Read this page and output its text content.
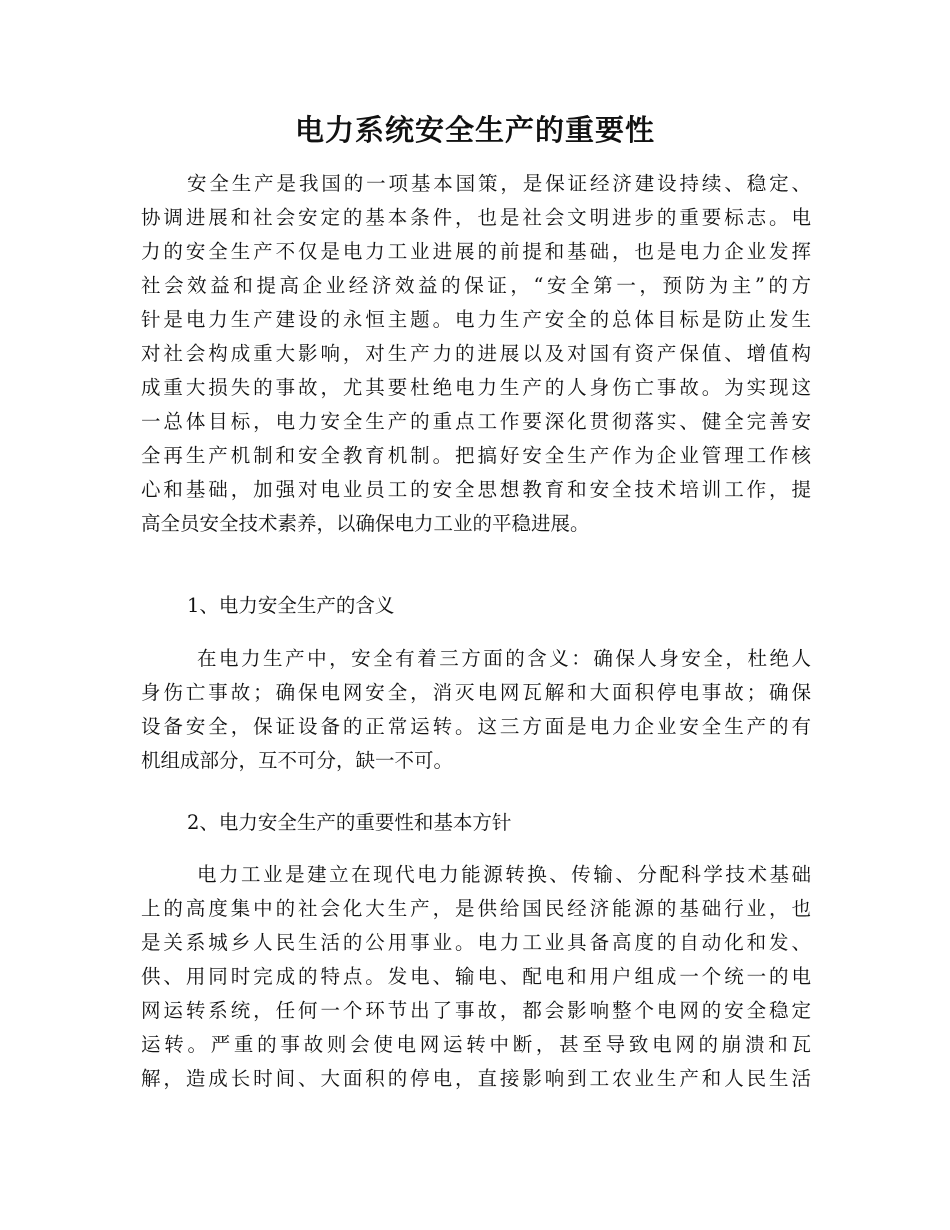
电力系统安全生产的重要性
安全生产是我国的一项基本国策，是保证经济建设持续、稳定、
协调进展和社会安定的基本条件，也是社会文明进步的重要标志。电
力的安全生产不仅是电力工业进展的前提和基础，也是电力企业发挥
社会效益和提高企业经济效益的保证，“安全第一，预防为主”的方
针是电力生产建设的永恒主题。电力生产安全的总体目标是防止发生
对社会构成重大影响，对生产力的进展以及对国有资产保值、增值构
成重大损失的事故，尤其要杜绝电力生产的人身伤亡事故。为实现这
一总体目标，电力安全生产的重点工作要深化贯彻落实、健全完善安
全再生产机制和安全教育机制。把搞好安全生产作为企业管理工作核
心和基础，加强对电业员工的安全思想教育和安全技术培训工作，提
高全员安全技术素养，以确保电力工业的平稳进展。
1、电力安全生产的含义
在电力生产中，安全有着三方面的含义：确保人身安全，杜绝人
身伤亡事故；确保电网安全，消灭电网瓦解和大面积停电事故；确保
设备安全，保证设备的正常运转。这三方面是电力企业安全生产的有
机组成部分，互不可分，缺一不可。
2、电力安全生产的重要性和基本方针
电力工业是建立在现代电力能源转换、传输、分配科学技术基础
上的高度集中的社会化大生产，是供给国民经济能源的基础行业，也
是关系城乡人民生活的公用事业。电力工业具备高度的自动化和发、
供、用同时完成的特点。发电、输电、配电和用户组成一个统一的电
网运转系统，任何一个环节出了事故，都会影响整个电网的安全稳定
运转。严重的事故则会使电网运转中断，甚至导致电网的崩溃和瓦
解，造成长时间、大面积的停电，直接影响到工农业生产和人民生活
